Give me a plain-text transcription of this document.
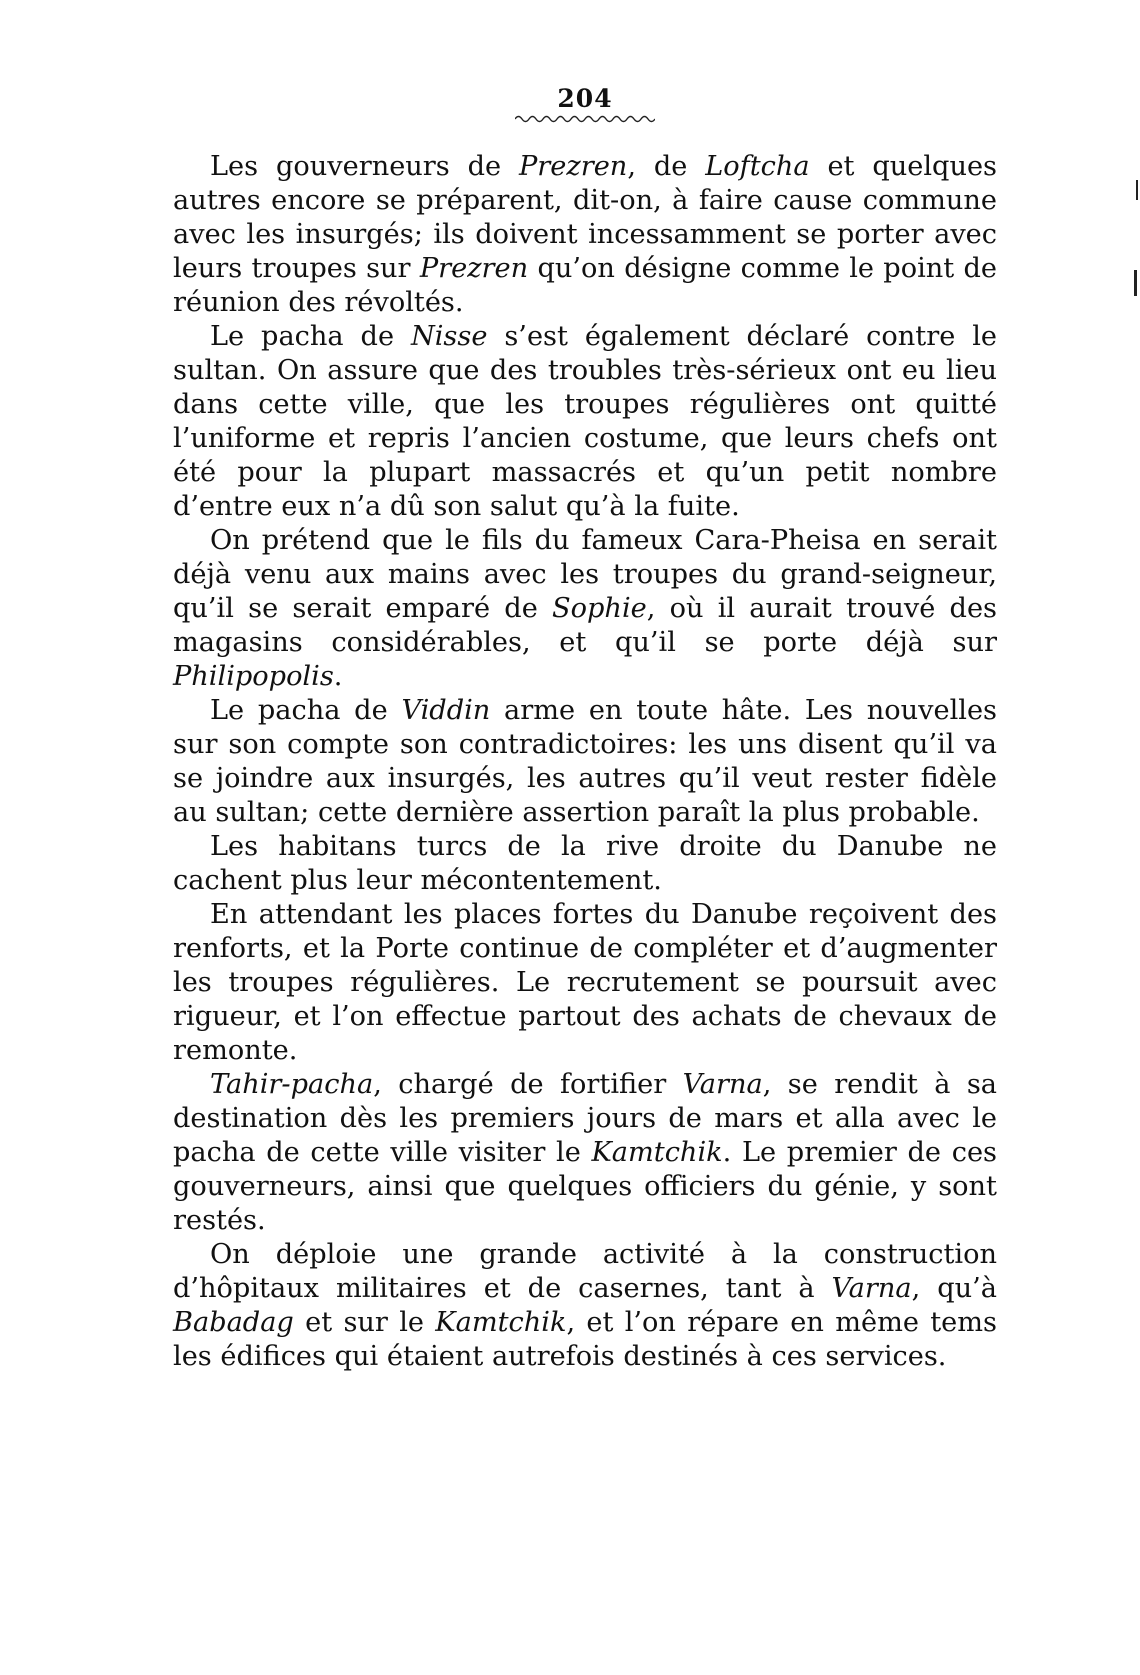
204

Les gouverneurs de Prezren, de Loftcha et quelques autres encore se préparent, dit-on, à faire cause commune avec les insurgés; ils doivent incessamment se porter avec leurs troupes sur Prezren qu’on désigne comme le point de réunion des révoltés.

Le pacha de Nisse s’est également déclaré contre le sultan. On assure que des troubles très-sérieux ont eu lieu dans cette ville, que les troupes régulières ont quitté l’uniforme et repris l’ancien costume, que leurs chefs ont été pour la plupart massacrés et qu’un petit nombre d’entre eux n’a dû son salut qu’à la fuite.

On prétend que le fils du fameux Cara-Pheisa en serait déjà venu aux mains avec les troupes du grand-seigneur, qu’il se serait emparé de Sophie, où il aurait trouvé des magasins considérables, et qu’il se porte déjà sur Philipopolis.

Le pacha de Viddin arme en toute hâte. Les nouvelles sur son compte son contradictoires: les uns disent qu’il va se joindre aux insurgés, les autres qu’il veut rester fidèle au sultan; cette dernière assertion paraît la plus probable.

Les habitans turcs de la rive droite du Danube ne cachent plus leur mécontentement.

En attendant les places fortes du Danube reçoivent des renforts, et la Porte continue de compléter et d’augmenter les troupes régulières. Le recrutement se poursuit avec rigueur, et l’on effectue partout des achats de chevaux de remonte.

Tahir-pacha, chargé de fortifier Varna, se rendit à sa destination dès les premiers jours de mars et alla avec le pacha de cette ville visiter le Kamtchik. Le premier de ces gouverneurs, ainsi que quelques officiers du génie, y sont restés.

On déploie une grande activité à la construction d’hôpitaux militaires et de casernes, tant à Varna, qu’à Babadag et sur le Kamtchik, et l’on répare en même tems les édifices qui étaient autrefois destinés à ces services.
